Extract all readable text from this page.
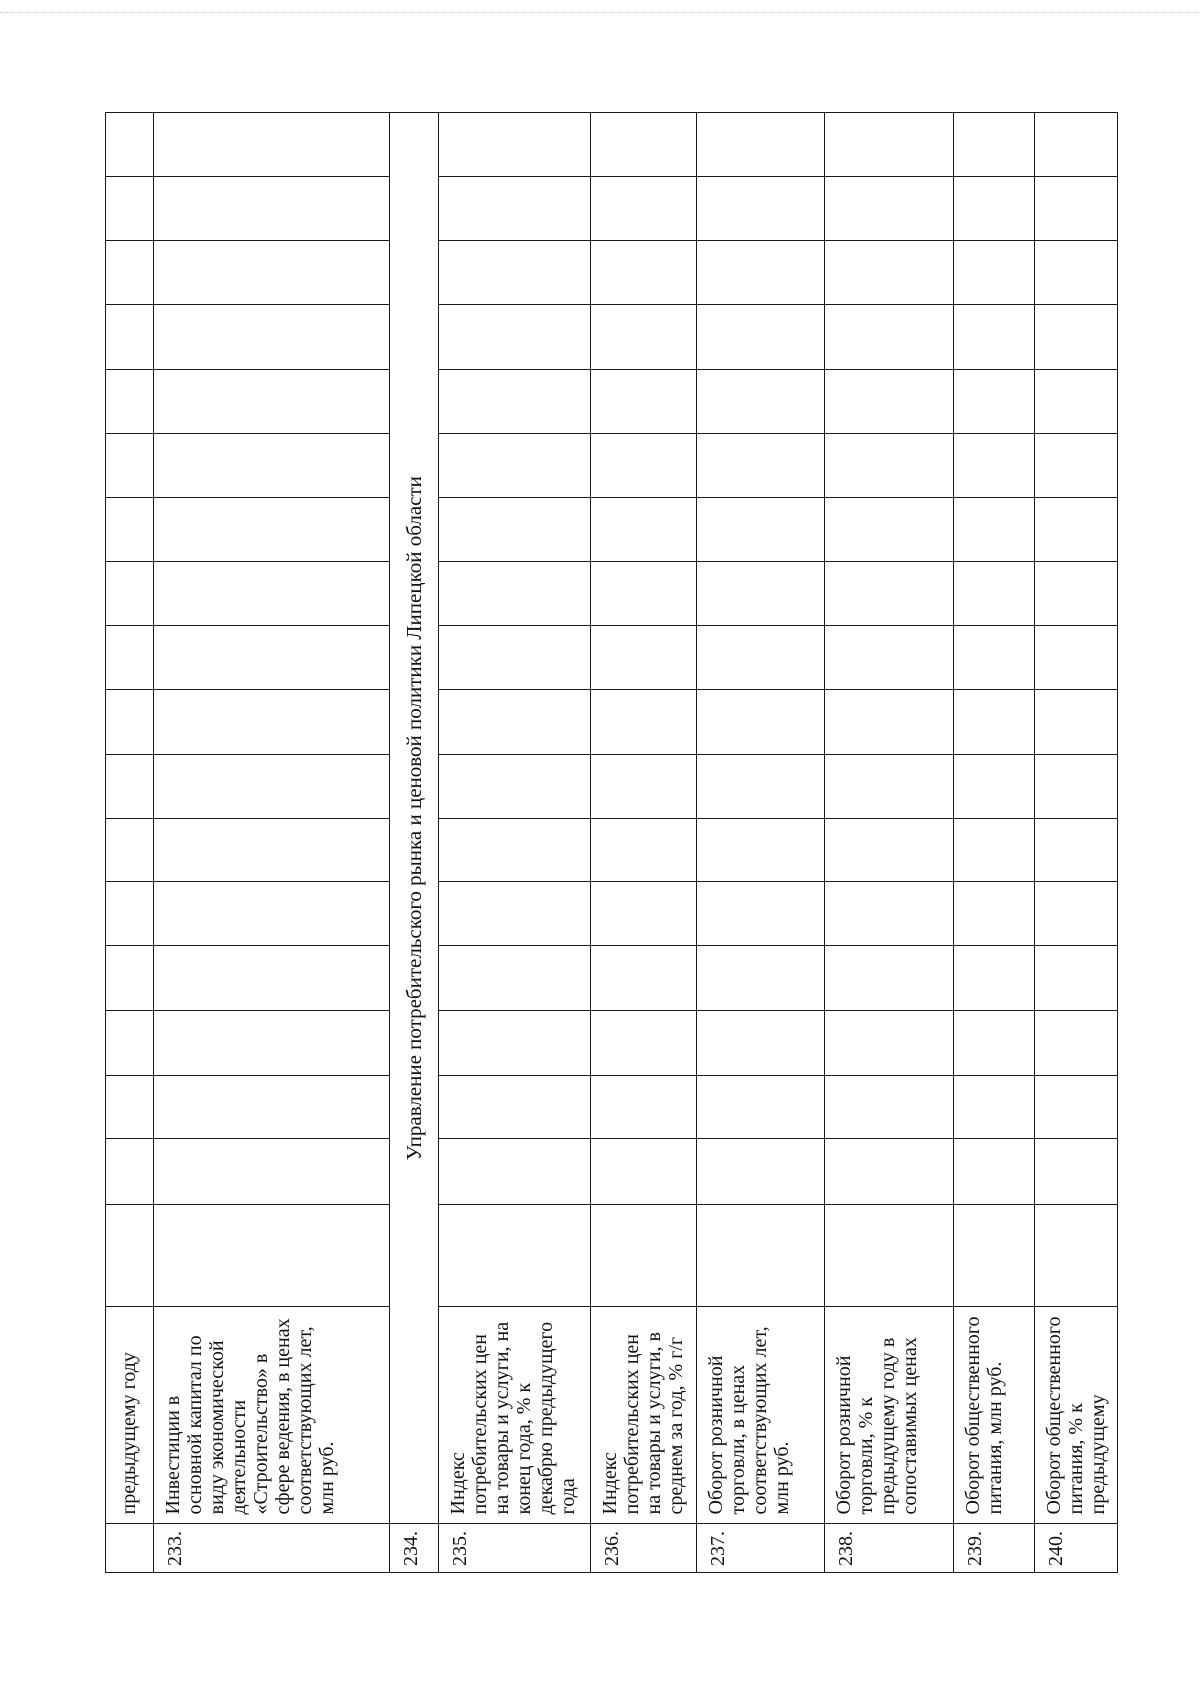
	предыдущему году																		

233.	Инвестиции в основной капитал по виду экономической деятельности «Строительство» в сфере ведения, в ценах соответствующих лет, млн руб.																		
234.	Управление потребительского рынка и ценовой политики Липецкой области																		
235.	Индекс потребительских цен на товары и услуги, на конец года, % к декабрю предыдущего года																		
236.	Индекс потребительских цен на товары и услуги, в среднем за год, % г/г																		
237.	Оборот розничной торговли, в ценах соответствующих лет, млн руб.																		
238.	Оборот розничной торговли, % к предыдущему году в сопоставимых ценах																		
239.	Оборот общественного питания, млн руб.																		
240.	Оборот общественного питания, % к предыдущему																		
